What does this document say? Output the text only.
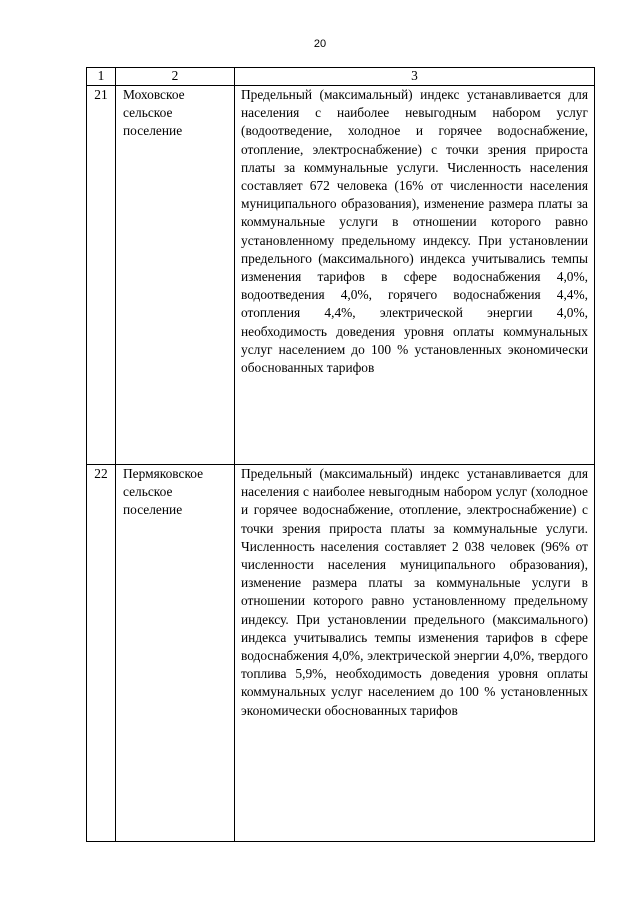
20
1	2	3
21	Моховское сельское поселение	Предельный (максимальный) индекс устанавливается для населения с наиболее невыгодным набором услуг (водоотведение, холодное и горячее водоснабжение, отопление, электроснабжение) с точки зрения прироста платы за коммунальные услуги. Численность населения составляет 672 человека (16% от численности населения муниципального образования), изменение размера платы за коммунальные услуги в отношении которого равно установленному предельному индексу. При установлении предельного (максимального) индекса учитывались темпы изменения тарифов в сфере водоснабжения 4,0%, водоотведения 4,0%, горячего водоснабжения 4,4%, отопления 4,4%, электрической энергии 4,0%, необходимость доведения уровня оплаты коммунальных услуг населением до 100 % установленных экономически обоснованных тарифов
22	Пермяковское сельское поселение	Предельный (максимальный) индекс устанавливается для населения с наиболее невыгодным набором услуг (холодное и горячее водоснабжение, отопление, электроснабжение) с точки зрения прироста платы за коммунальные услуги. Численность населения составляет 2 038 человек (96% от численности населения муниципального образования), изменение размера платы за коммунальные услуги в отношении которого равно установленному предельному индексу. При установлении предельного (максимального) индекса учитывались темпы изменения тарифов в сфере водоснабжения 4,0%, электрической энергии 4,0%, твердого топлива 5,9%, необходимость доведения уровня оплаты коммунальных услуг населением до 100 % установленных экономически обоснованных тарифов
